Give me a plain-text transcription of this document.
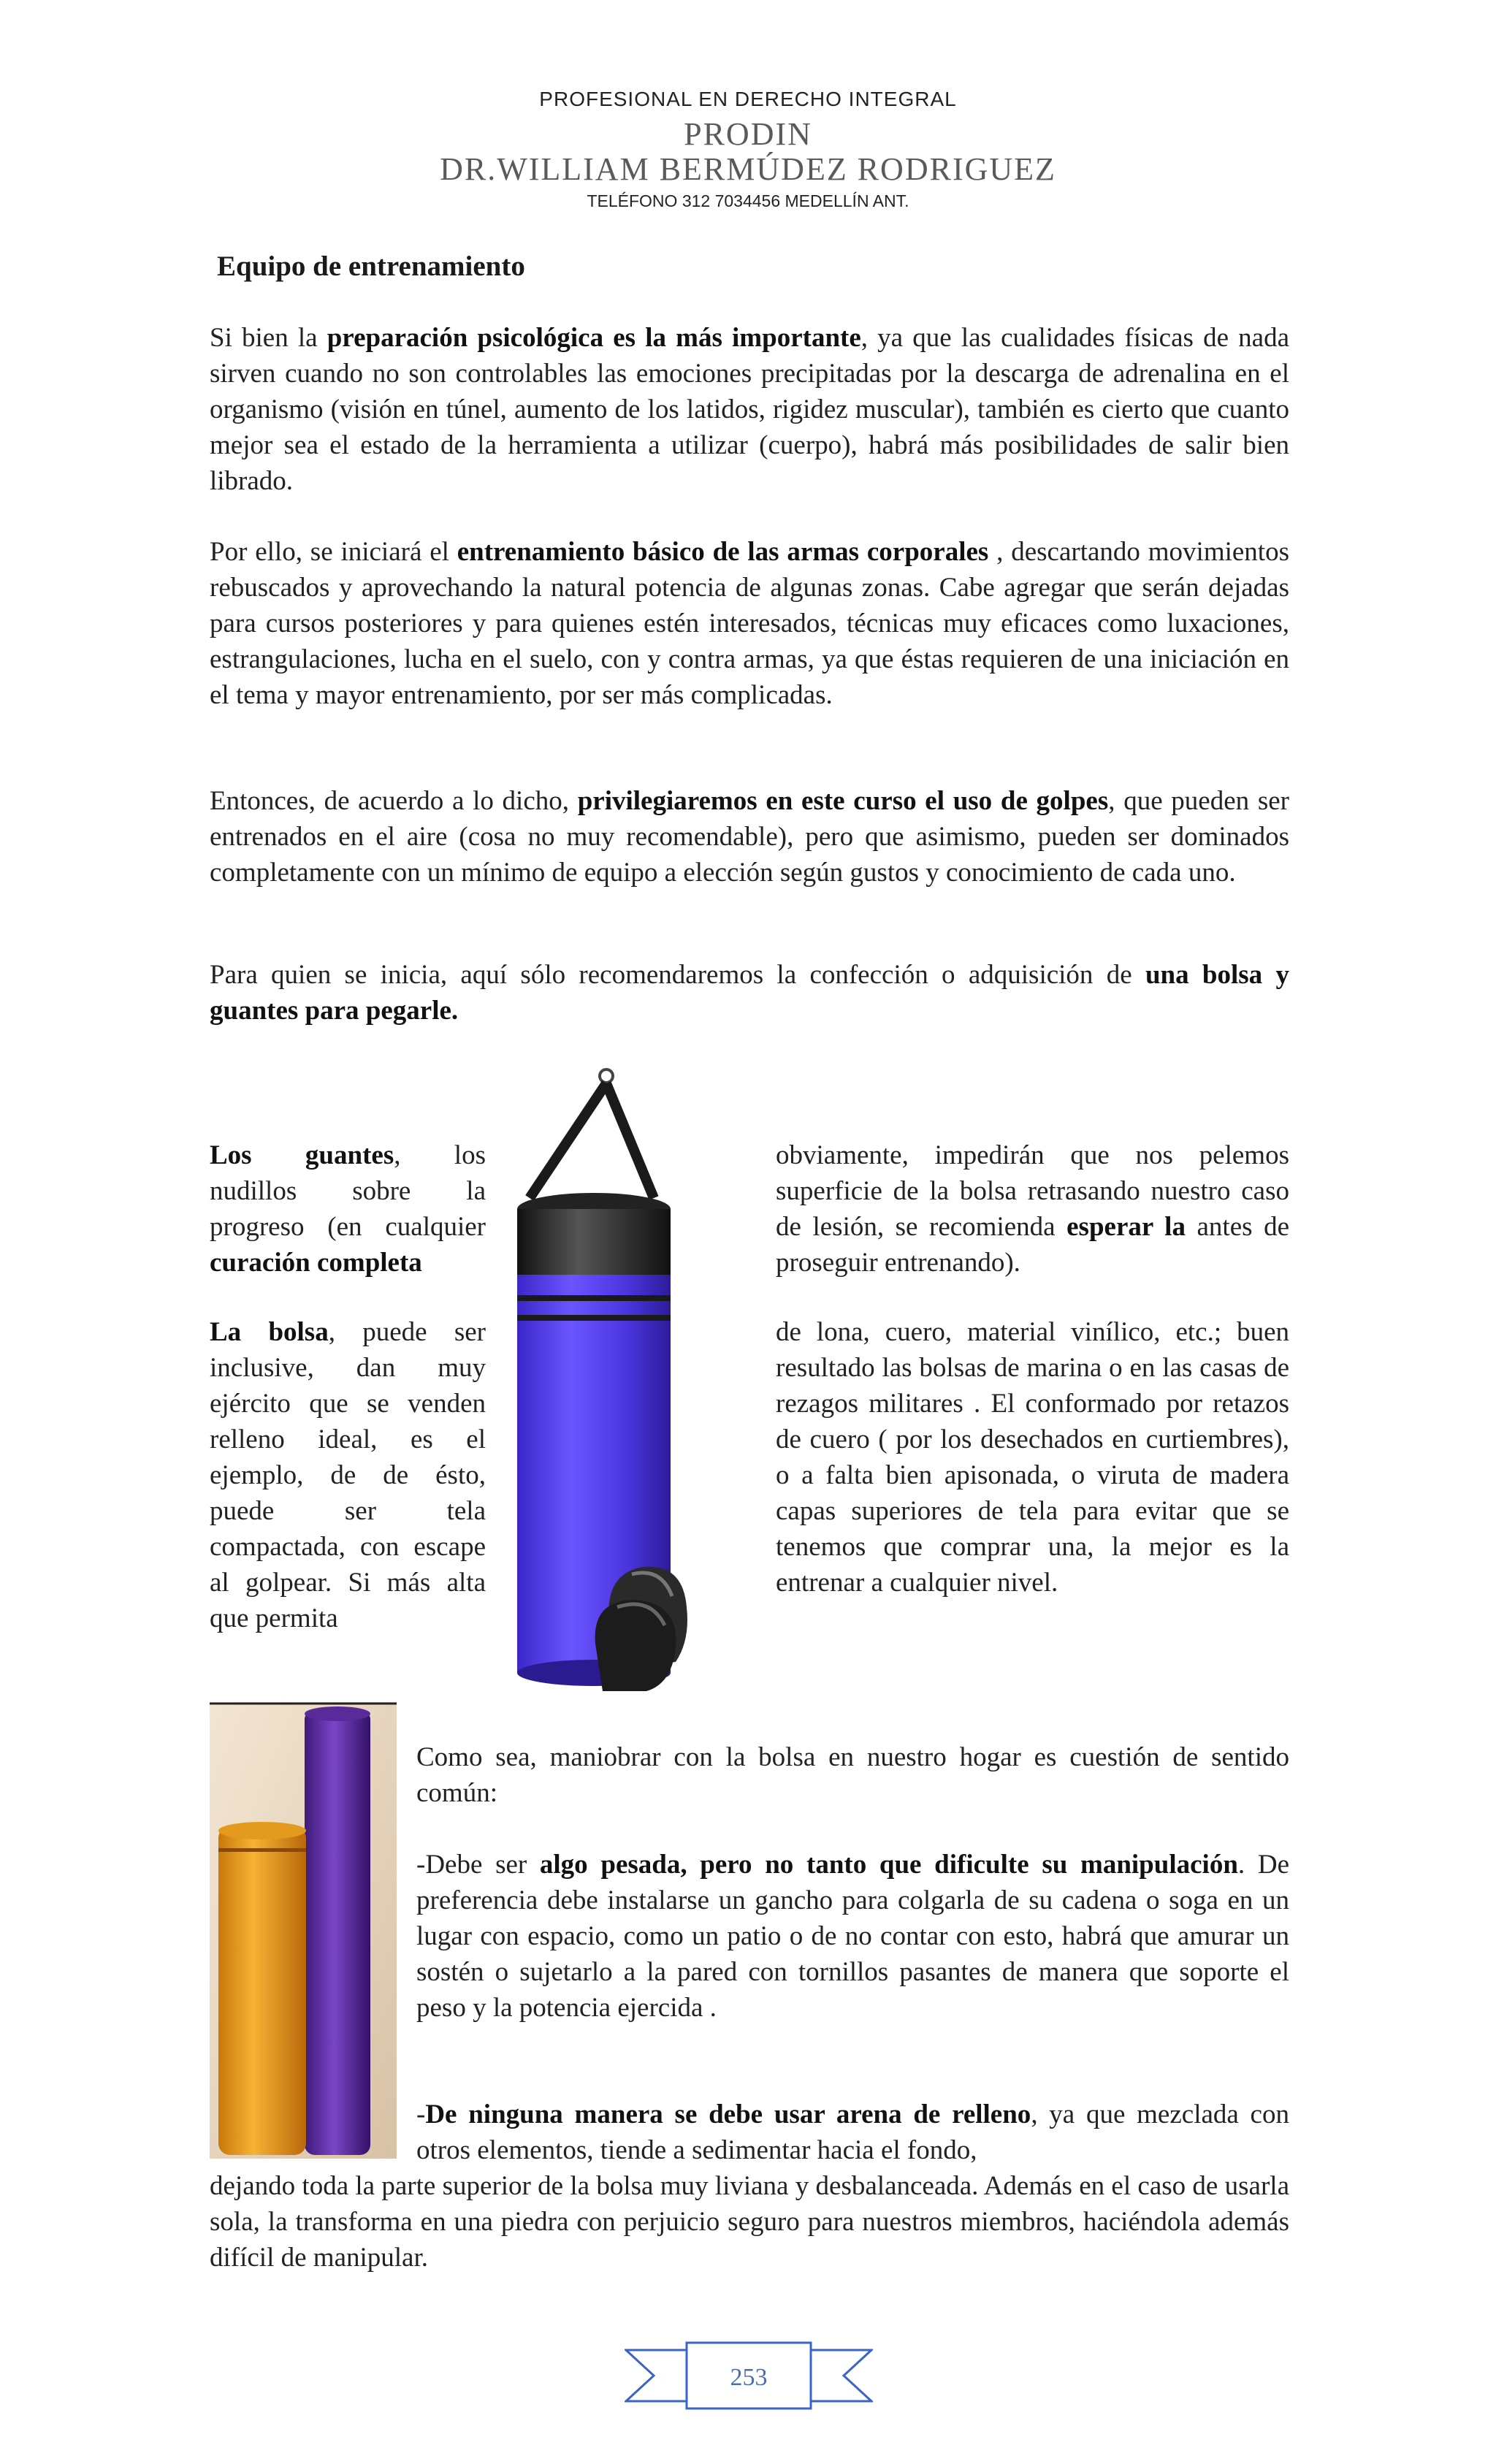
PROFESIONAL EN DERECHO INTEGRAL
PRODIN
DR.WILLIAM BERMÚDEZ RODRIGUEZ
TELÉFONO 312 7034456 MEDELLÍN ANT.
Equipo de entrenamiento

Si bien la preparación psicológica es la más importante, ya que las cualidades físicas de nada sirven cuando no son controlables las emociones precipitadas por la descarga de adrenalina en el organismo (visión en túnel, aumento de los latidos, rigidez muscular), también es cierto que cuanto mejor sea el estado de la herramienta a utilizar (cuerpo), habrá más posibilidades de salir bien librado.

Por ello, se iniciará el entrenamiento básico de las armas corporales , descartando movimientos rebuscados y aprovechando la natural potencia de algunas zonas. Cabe agregar que serán dejadas para cursos posteriores y para quienes estén interesados, técnicas muy eficaces como luxaciones, estrangulaciones, lucha en el suelo, con y contra armas, ya que éstas requieren de una iniciación en el tema y mayor entrenamiento, por ser más complicadas.

Entonces, de acuerdo a lo dicho, privilegiaremos en este curso el uso de golpes, que pueden ser entrenados en el aire (cosa no muy recomendable), pero que asimismo, pueden ser dominados completamente con un mínimo de equipo a elección según gustos y conocimiento de cada uno.

Para quien se inicia, aquí sólo recomendaremos la confección o adquisición de una bolsa y guantes para pegarle.

Los guantes, los nudillos sobre la progreso (en cualquier curación completa

obviamente, impedirán que nos pelemos superficie de la bolsa retrasando nuestro caso de lesión, se recomienda esperar la antes de proseguir entrenando).

La bolsa, puede ser inclusive, dan muy ejército que se venden relleno ideal, es el ejemplo, de de ésto, puede ser tela compactada, con escape al golpear. Si más alta que permita

de lona, cuero, material vinílico, etc.; buen resultado las bolsas de marina o en las casas de rezagos militares . El conformado por retazos de cuero ( por los desechados en curtiembres), o a falta bien apisonada, o viruta de madera capas superiores de tela para evitar que se tenemos que comprar una, la mejor es la entrenar a cualquier nivel.

Como sea, maniobrar con la bolsa en nuestro hogar es cuestión de sentido común:

-Debe ser algo pesada, pero no tanto que dificulte su manipulación. De preferencia debe instalarse un gancho para colgarla de su cadena o soga en un lugar con espacio, como un patio o de no contar con esto, habrá que amurar un sostén o sujetarlo a la pared con tornillos pasantes de manera que soporte el peso y la potencia ejercida .

-De ninguna manera se debe usar arena de relleno, ya que mezclada con otros elementos, tiende a sedimentar hacia el fondo,

dejando toda la parte superior de la bolsa muy liviana y desbalanceada. Además en el caso de usarla sola, la transforma en una piedra con perjuicio seguro para nuestros miembros, haciéndola además difícil de manipular.

253
